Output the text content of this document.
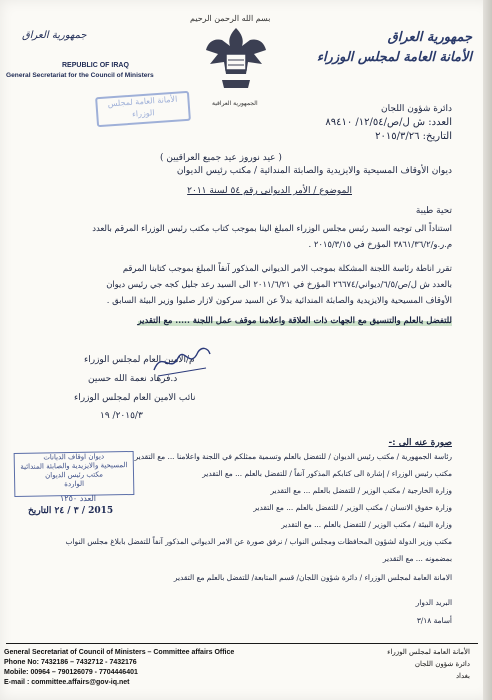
بسم الله الرحمن الرحيم
جمهورية العراق
الأمانة العامة لمجلس الوزراء
جمهورية العراق
REPUBLIC OF IRAQ
General Secretariat for the Council of Ministers
الجمهورية العراقية
الأمانة العامة لمجلس الوزراء	دائرة شؤون اللجان
العدد: ش ل/ص/١٢/٥٤/ ٨٩٤١٠
التاريخ: ٢٠١٥/٣/٢٦
( عيد نوروز عيد جميع العراقيين )
ديوان الأوقاف المسيحية والايزيدية والصابئة المندائية / مكتب رئيس الديوان
الموضوع / الأمر الديواني رقم ٥٤ لسنة ٢٠١١
تحية طيبة
استناداً الى توجيه السيد رئيس مجلس الوزراء المبلغ الينا بموجب كتاب مكتب رئيس الوزراء المرقم بالعدد
م.ر.و/٣٨٦١/٣٦/٢ المؤرخ في ٢٠١٥/٣/١٥ .
تقرر اناطة رئاسة اللجنة المشكلة بموجب الامر الديواني المذكور آنفاً المبلغ بموجب كتابنا المرقم
بالعدد ش ل/ص/٦/٥/ديواني/٢٦٦٧٤ المؤرخ في ٢٠١١/٦/٢١ الى السيد رعد جليل كجه جي رئيس ديوان
الأوقاف المسيحية والايزيدية والصابئة المندائية بدلاً عن السيد سركون لازار صليوا وزير البيئة السابق .
للتفضل بالعلم والتنسيق مع الجهات ذات العلاقة واعلامنا موقف عمل اللجنة ..... مع التقدير
م/الامين العام لمجلس الوزراء
د.فرهاد نعمة الله حسين
نائب الامين العام لمجلس الوزراء
٢٠١٥/٣/ ١٩
صورة عنه الى :-
رئاسة الجمهورية / مكتب رئيس الديوان / للتفضل بالعلم وتسمية ممثلكم في اللجنة واعلامنا ... مع التقدير
مكتب رئيس الوزراء / إشارة الى كتابكم المذكور آنفاً / للتفضل بالعلم ... مع التقدير
وزارة الخارجية / مكتب الوزير / للتفضل بالعلم ... مع التقدير
وزارة حقوق الانسان / مكتب الوزير / للتفضل بالعلم ... مع التقدير
وزارة البيئة / مكتب الوزير / للتفضل بالعلم ... مع التقدير
مكتب وزير الدولة لشؤون المحافظات ومجلس النواب / نرفق صورة عن الامر الديواني المذكور آنفاً للتفضل بابلاغ مجلس النواب
بمضمونه ... مع التقدير
الامانة العامة لمجلس الوزراء / دائرة شؤون اللجان/ قسم المتابعة/ للتفضل بالعلم مع التقدير
البريد الدوار
أسامة ٣/١٨
ديوان اوقاف الديانات
المسيحية والايزيدية والصابئة المندائية
مكتب رئيس الديوان
الواردة
العدد ١٢٥٠
2015 / ٣ / ٢٤ التاريخ
General Secretariat of Council of Ministers – Committee affairs Office
Phone No: 7432186 – 7432712 - 7432176
Mobile: 00964 – 790126079 - 7704446401
E-mail : committee.affairs@gov-iq.net
الأمانة العامة لمجلس الوزراء
دائرة شؤون اللجان
بغداد
